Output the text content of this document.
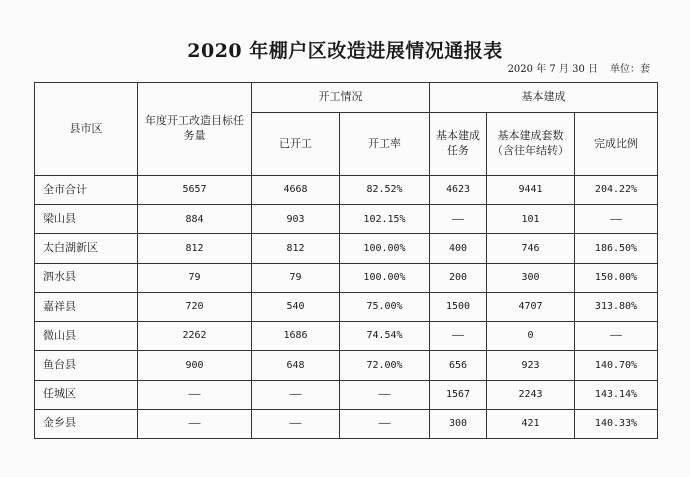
2020 年棚户区改造进展情况通报表
2020 年 7 月 30 日 单位：套
县市区	年度开工改造目标任务量	开工情况		基本建成		
		已开工	开工率	基本建成任务	基本建成套数（含往年结转）	完成比例
全市合计	5657	4668	82.52%	4623	9441	204.22%
梁山县	884	903	102.15%	——	101	——
太白湖新区	812	812	100.00%	400	746	186.50%
泗水县	79	79	100.00%	200	300	150.00%
嘉祥县	720	540	75.00%	1500	4707	313.80%
微山县	2262	1686	74.54%	——	0	——
鱼台县	900	648	72.00%	656	923	140.70%
任城区	——	——	——	1567	2243	143.14%
金乡县	——	——	——	300	421	140.33%
